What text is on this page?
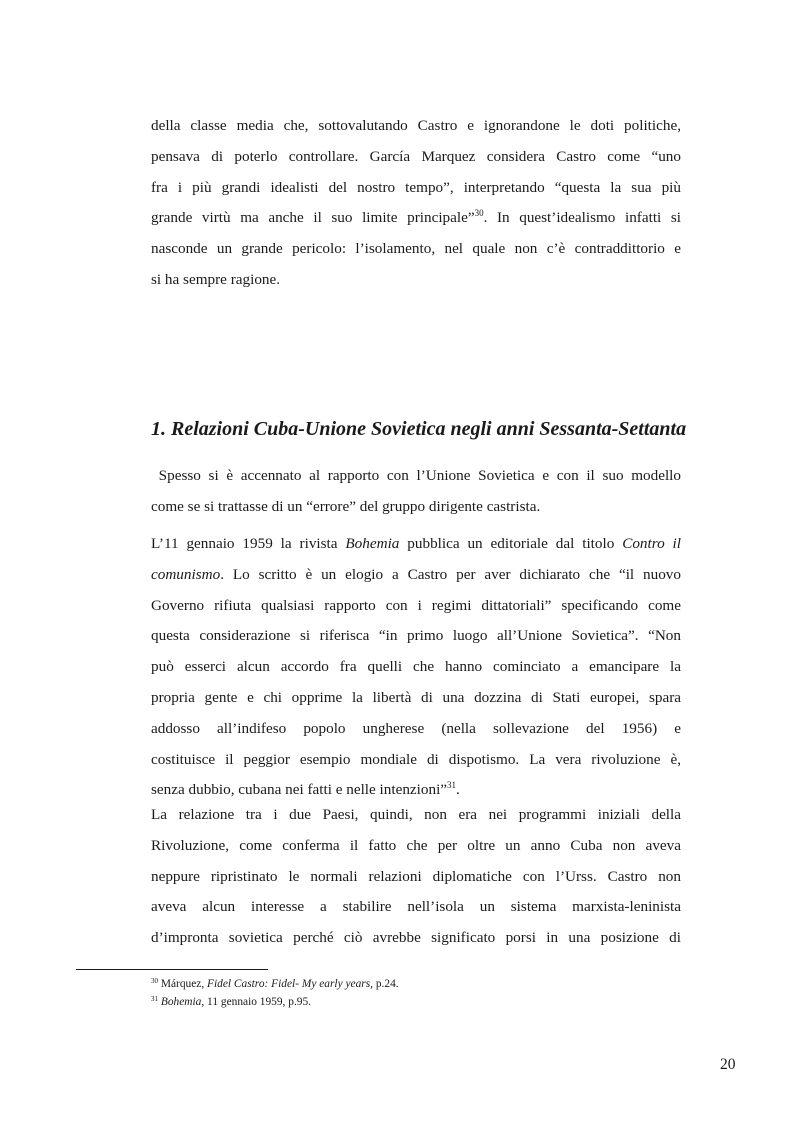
della classe media che, sottovalutando Castro e ignorandone le doti politiche,
pensava di poterlo controllare. García Marquez considera Castro come “uno
fra i più grandi idealisti del nostro tempo”, interpretando “questa la sua più
grande virtù ma anche il suo limite principale”$^{30}$. In quest’idealismo infatti si
nasconde un grande pericolo: l’isolamento, nel quale non c’è contraddittorio e
si ha sempre ragione.
1. Relazioni Cuba-Unione Sovietica negli anni Sessanta-Settanta
Spesso si è accennato al rapporto con l’Unione Sovietica e con il suo modello
come se si trattasse di un “errore” del gruppo dirigente castrista.
L’11 gennaio 1959 la rivista Bohemia pubblica un editoriale dal titolo Contro il
comunismo. Lo scritto è un elogio a Castro per aver dichiarato che “il nuovo
Governo rifiuta qualsiasi rapporto con i regimi dittatoriali” specificando come
questa considerazione si riferisca “in primo luogo all’Unione Sovietica”. “Non
può esserci alcun accordo fra quelli che hanno cominciato a emancipare la
propria gente e chi opprime la libertà di una dozzina di Stati europei, spara
addosso all’indifeso popolo ungherese (nella sollevazione del 1956) e
costituisce il peggior esempio mondiale di dispotismo. La vera rivoluzione è,
senza dubbio, cubana nei fatti e nelle intenzioni”$^{31}$.
La relazione tra i due Paesi, quindi, non era nei programmi iniziali della
Rivoluzione, come conferma il fatto che per oltre un anno Cuba non aveva
neppure ripristinato le normali relazioni diplomatiche con l’Urss. Castro non
aveva alcun interesse a stabilire nell’isola un sistema marxista-leninista
d’impronta sovietica perché ciò avrebbe significato porsi in una posizione di
$^{30}$ Márquez, Fidel Castro: Fidel- My early years, p.24.
$^{31}$ Bohemia, 11 gennaio 1959, p.95.
20
